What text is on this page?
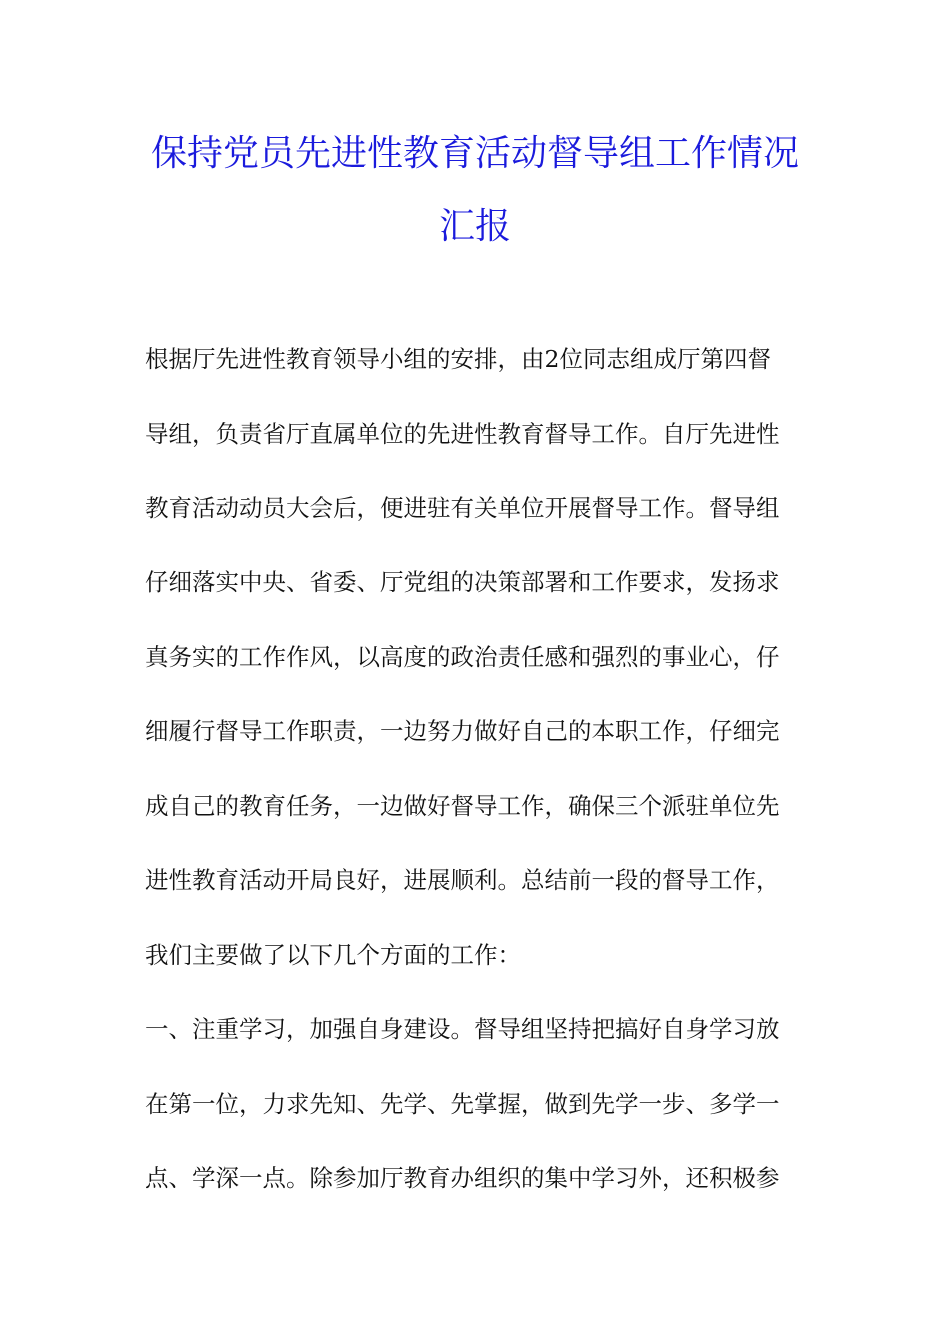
保持党员先进性教育活动督导组工作情况
汇报
根据厅先进性教育领导小组的安排，由2位同志组成厅第四督
导组，负责省厅直属单位的先进性教育督导工作。自厅先进性
教育活动动员大会后，便进驻有关单位开展督导工作。督导组
仔细落实中央、省委、厅党组的决策部署和工作要求，发扬求
真务实的工作作风，以高度的政治责任感和强烈的事业心，仔
细履行督导工作职责，一边努力做好自己的本职工作，仔细完
成自己的教育任务，一边做好督导工作，确保三个派驻单位先
进性教育活动开局良好，进展顺利。总结前一段的督导工作，
我们主要做了以下几个方面的工作：
一、注重学习，加强自身建设。督导组坚持把搞好自身学习放
在第一位，力求先知、先学、先掌握，做到先学一步、多学一
点、学深一点。除参加厅教育办组织的集中学习外，还积极参
